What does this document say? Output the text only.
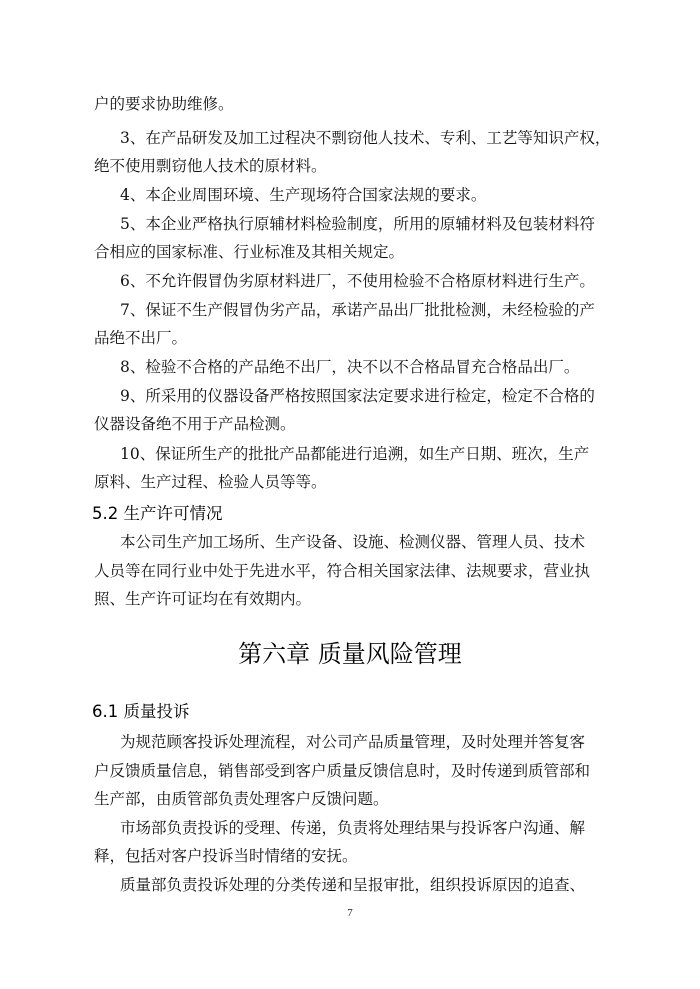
户的要求协助维修。
3、在产品研发及加工过程决不剽窃他人技术、专利、工艺等知识产权，
绝不使用剽窃他人技术的原材料。
4、本企业周围环境、生产现场符合国家法规的要求。
5、本企业严格执行原辅材料检验制度，所用的原辅材料及包装材料符
合相应的国家标准、行业标准及其相关规定。
6、不允许假冒伪劣原材料进厂，不使用检验不合格原材料进行生产。
7、保证不生产假冒伪劣产品，承诺产品出厂批批检测，未经检验的产
品绝不出厂。
8、检验不合格的产品绝不出厂，决不以不合格品冒充合格品出厂。
9、所采用的仪器设备严格按照国家法定要求进行检定，检定不合格的
仪器设备绝不用于产品检测。
10、保证所生产的批批产品都能进行追溯，如生产日期、班次，生产
原料、生产过程、检验人员等等。
5.2 生产许可情况
本公司生产加工场所、生产设备、设施、检测仪器、管理人员、技术
人员等在同行业中处于先进水平，符合相关国家法律、法规要求，营业执
照、生产许可证均在有效期内。
第六章 质量风险管理
6.1 质量投诉
为规范顾客投诉处理流程，对公司产品质量管理，及时处理并答复客
户反馈质量信息，销售部受到客户质量反馈信息时，及时传递到质管部和
生产部，由质管部负责处理客户反馈问题。
市场部负责投诉的受理、传递，负责将处理结果与投诉客户沟通、解
释，包括对客户投诉当时情绪的安抚。
质量部负责投诉处理的分类传递和呈报审批，组织投诉原因的追查、
7
